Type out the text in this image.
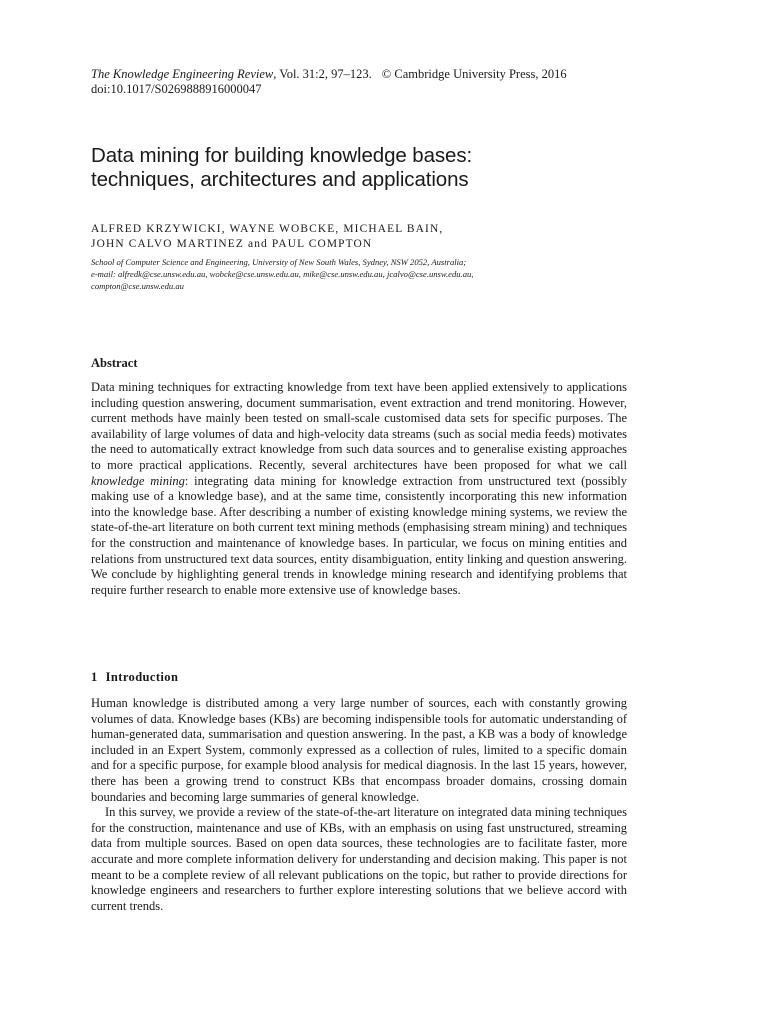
The Knowledge Engineering Review, Vol. 31:2, 97–123. © Cambridge University Press, 2016
doi:10.1017/S0269888916000047
Data mining for building knowledge bases:
techniques, architectures and applications
ALFRED KRZYWICKI, WAYNE WOBCKE, MICHAEL BAIN,
JOHN CALVO MARTINEZ and PAUL COMPTON
School of Computer Science and Engineering, University of New South Wales, Sydney, NSW 2052, Australia;
e-mail: alfredk@cse.unsw.edu.au, wobcke@cse.unsw.edu.au, mike@cse.unsw.edu.au, jcalvo@cse.unsw.edu.au,
compton@cse.unsw.edu.au
Abstract

Data mining techniques for extracting knowledge from text have been applied extensively to applications including question answering, document summarisation, event extraction and trend monitoring. However, current methods have mainly been tested on small-scale customised data sets for specific purposes. The availability of large volumes of data and high-velocity data streams (such as social media feeds) motivates the need to automatically extract knowledge from such data sources and to generalise existing approaches to more practical applications. Recently, several architectures have been proposed for what we call knowledge mining: integrating data mining for knowledge extraction from unstructured text (possibly making use of a knowledge base), and at the same time, consistently incorporating this new information into the knowledge base. After describing a number of existing knowledge mining systems, we review the state-of-the-art literature on both current text mining methods (emphasising stream mining) and techniques for the construction and maintenance of knowledge bases. In particular, we focus on mining entities and relations from unstructured text data sources, entity disambiguation, entity linking and question answering. We conclude by highlighting general trends in knowledge mining research and identifying problems that require further research to enable more extensive use of knowledge bases.

1 Introduction

Human knowledge is distributed among a very large number of sources, each with constantly growing volumes of data. Knowledge bases (KBs) are becoming indispensible tools for automatic understanding of human-generated data, summarisation and question answering. In the past, a KB was a body of knowledge included in an Expert System, commonly expressed as a collection of rules, limited to a specific domain and for a specific purpose, for example blood analysis for medical diagnosis. In the last 15 years, however, there has been a growing trend to construct KBs that encompass broader domains, crossing domain boundaries and becoming large summaries of general knowledge.

In this survey, we provide a review of the state-of-the-art literature on integrated data mining techniques for the construction, maintenance and use of KBs, with an emphasis on using fast unstructured, streaming data from multiple sources. Based on open data sources, these technologies are to facilitate faster, more accurate and more complete information delivery for understanding and decision making. This paper is not meant to be a complete review of all relevant publications on the topic, but rather to provide directions for knowledge engineers and researchers to further explore interesting solutions that we believe accord with current trends.
